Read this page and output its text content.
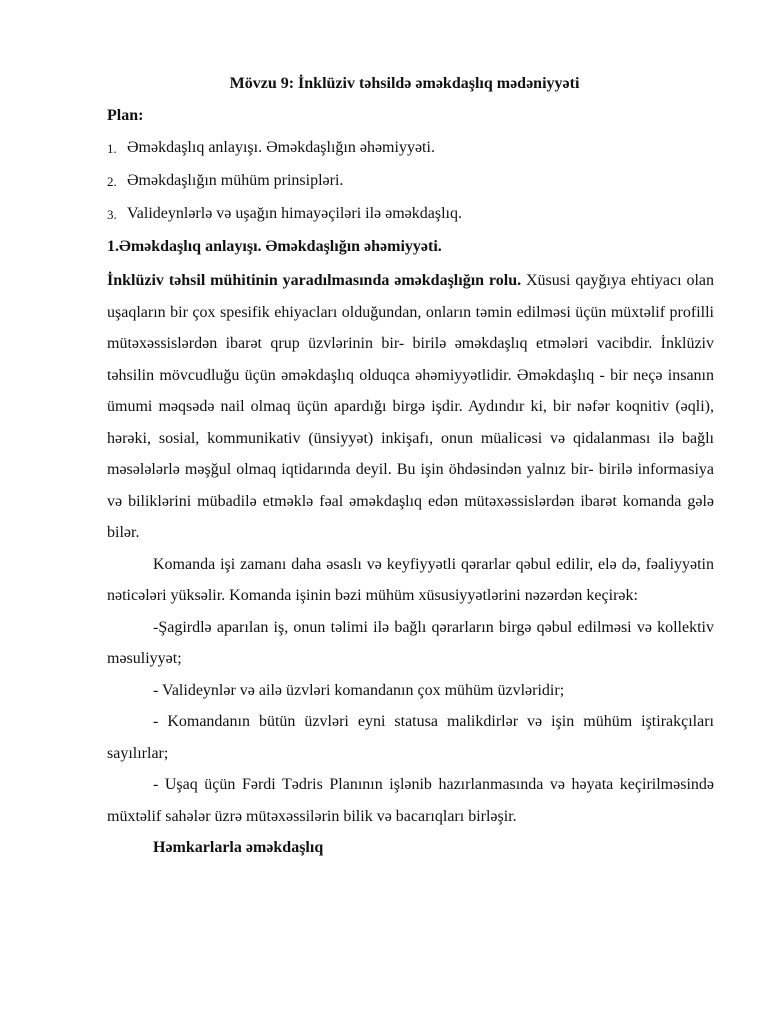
Mövzu 9: İnklüziv təhsildə əməkdaşlıq mədəniyyəti
Plan:
1. Əməkdaşlıq anlayışı. Əməkdaşlığın əhəmiyyəti.
2. Əməkdaşlığın mühüm prinsipləri.
3. Valideynlərlə və uşağın himayəçiləri ilə əməkdaşlıq.
1.Əməkdaşlıq anlayışı. Əməkdaşlığın əhəmiyyəti.

İnklüziv təhsil mühitinin yaradılmasında əməkdaşlığın rolu. Xüsusi qayğıya ehtiyacı olan uşaqların bir çox spesifik ehiyacları olduğundan, onların təmin edilməsi üçün müxtəlif profilli mütəxəssislərdən ibarət qrup üzvlərinin bir- birilə əməkdaşlıq etmələri vacibdir. İnklüziv təhsilin mövcudluğu üçün əməkdaşlıq olduqca əhəmiyyətlidir. Əməkdaşlıq - bir neçə insanın ümumi məqsədə nail olmaq üçün apardığı birgə işdir. Aydındır ki, bir nəfər koqnitiv (əqli), hərəki, sosial, kommunikativ (ünsiyyət) inkişafı, onun müalicəsi və qidalanması ilə bağlı məsələlərlə məşğul olmaq iqtidarında deyil. Bu işin öhdəsindən yalnız bir- birilə informasiya və biliklərini mübadilə etməklə fəal əməkdaşlıq edən mütəxəssislərdən ibarət komanda gələ bilər.

Komanda işi zamanı daha əsaslı və keyfiyyətli qərarlar qəbul edilir, elə də, fəaliyyətin nəticələri yüksəlir. Komanda işinin bəzi mühüm xüsusiyyətlərini nəzərdən keçirək:

-Şagirdlə aparılan iş, onun təlimi ilə bağlı qərarların birgə qəbul edilməsi və kollektiv məsuliyyət;

- Valideynlər və ailə üzvləri komandanın çox mühüm üzvləridir;

- Komandanın bütün üzvləri eyni statusa malikdirlər və işin mühüm iştirakçıları sayılırlar;

- Uşaq üçün Fərdi Tədris Planının işlənib hazırlanmasında və həyata keçirilməsində müxtəlif sahələr üzrə mütəxəssilərin bilik və bacarıqları birləşir.

Həmkarlarla əməkdaşlıq
